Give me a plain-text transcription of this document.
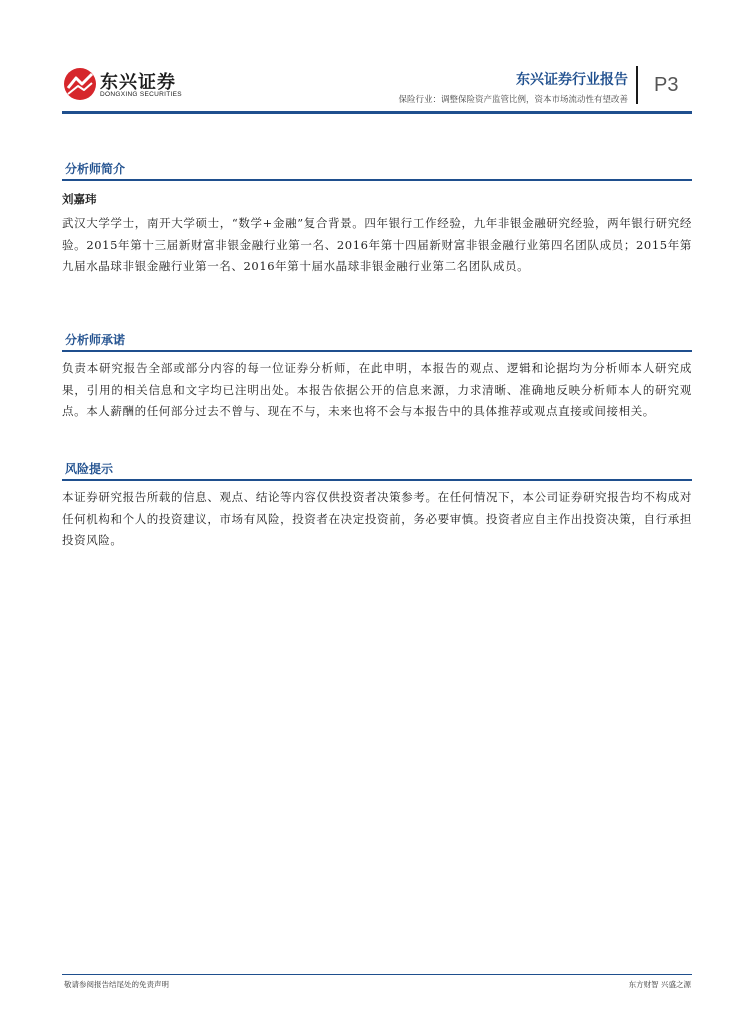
东兴证券
DONGXING SECURITIES
东兴证券行业报告
保险行业：调整保险资产监管比例，资本市场流动性有望改善
P3
分析师简介
刘嘉玮
武汉大学学士，南开大学硕士，“数学+金融”复合背景。四年银行工作经验，九年非银金融研究经验，两年银行研究经验。2015年第十三届新财富非银金融行业第一名、2016年第十四届新财富非银金融行业第四名团队成员；2015年第九届水晶球非银金融行业第一名、2016年第十届水晶球非银金融行业第二名团队成员。
分析师承诺
负责本研究报告全部或部分内容的每一位证券分析师，在此申明，本报告的观点、逻辑和论据均为分析师本人研究成果，引用的相关信息和文字均已注明出处。本报告依据公开的信息来源，力求清晰、准确地反映分析师本人的研究观点。本人薪酬的任何部分过去不曾与、现在不与，未来也将不会与本报告中的具体推荐或观点直接或间接相关。
风险提示
本证券研究报告所载的信息、观点、结论等内容仅供投资者决策参考。在任何情况下，本公司证券研究报告均不构成对任何机构和个人的投资建议，市场有风险，投资者在决定投资前，务必要审慎。投资者应自主作出投资决策，自行承担投资风险。
敬请参阅报告结尾处的免责声明	东方财智 兴盛之源
